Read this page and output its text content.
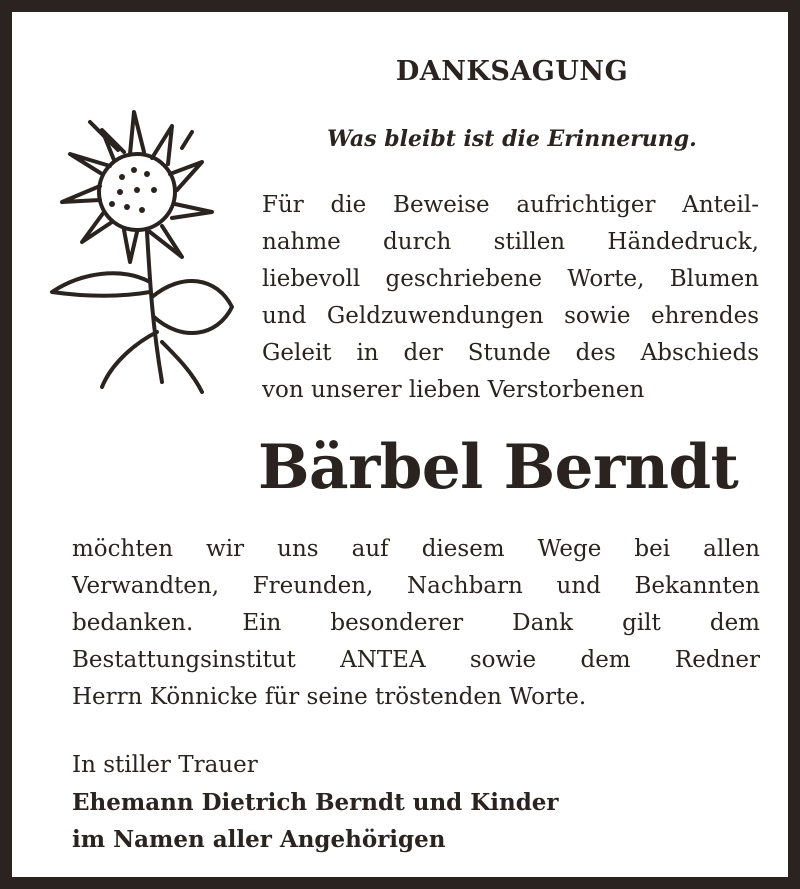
DANKSAGUNG
Was bleibt ist die Erinnerung.
Für die Beweise aufrichtiger Anteil-
nahme durch stillen Händedruck,
liebevoll geschriebene Worte, Blumen
und Geldzuwendungen sowie ehrendes
Geleit in der Stunde des Abschieds
von unserer lieben Verstorbenen
Bärbel Berndt
möchten wir uns auf diesem Wege bei allen
Verwandten, Freunden, Nachbarn und Bekannten
bedanken. Ein besonderer Dank gilt dem
Bestattungsinstitut ANTEA sowie dem Redner
Herrn Könnicke für seine tröstenden Worte.
In stiller Trauer
Ehemann Dietrich Berndt und Kinder
im Namen aller Angehörigen
